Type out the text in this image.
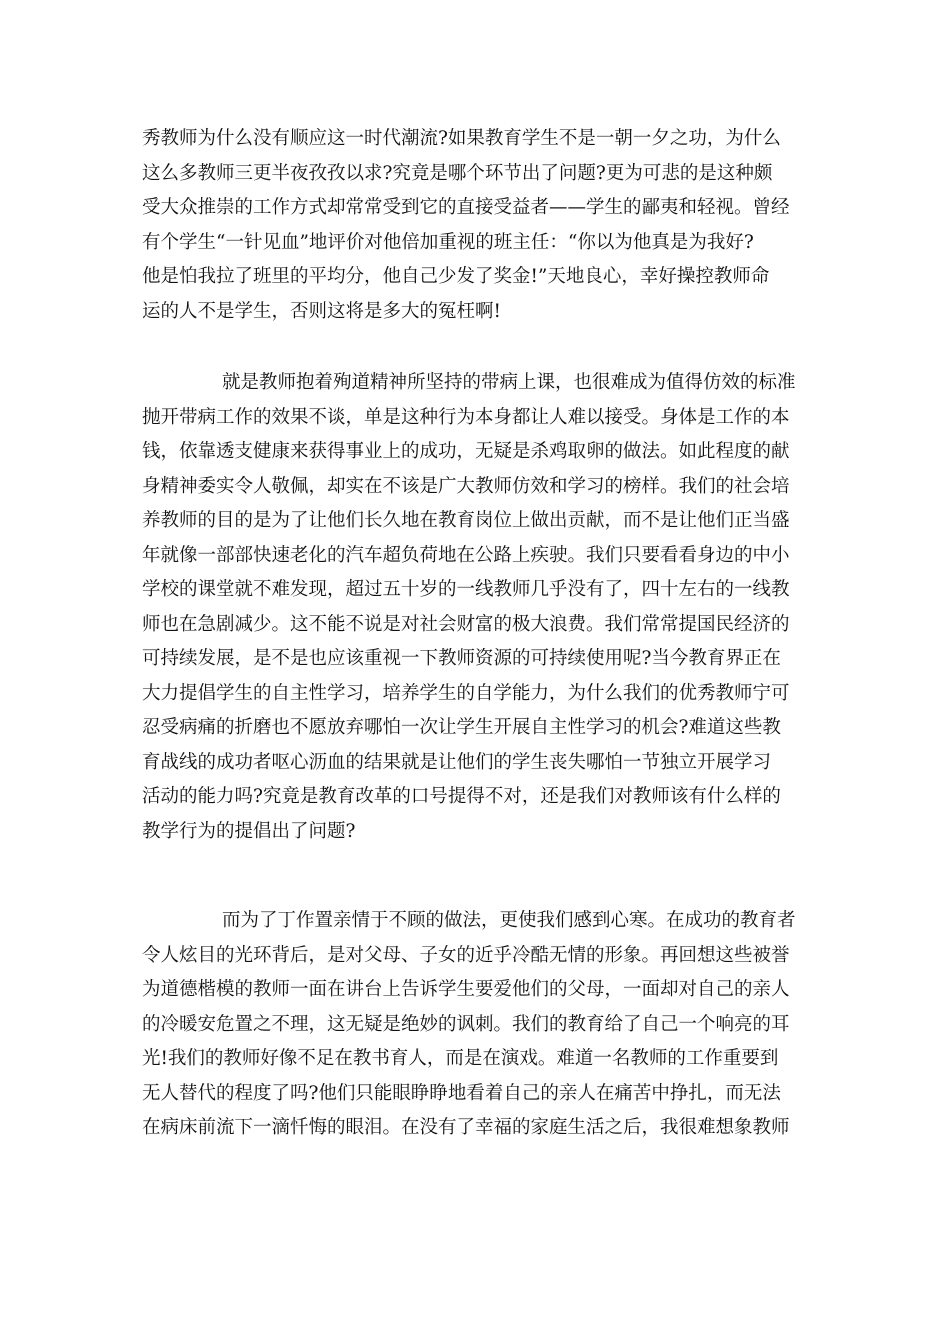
秀教师为什么没有顺应这一时代潮流?如果教育学生不是一朝一夕之功，为什么
这么多教师三更半夜孜孜以求?究竟是哪个环节出了问题?更为可悲的是这种颇
受大众推崇的工作方式却常常受到它的直接受益者——学生的鄙夷和轻视。曾经
有个学生“一针见血”地评价对他倍加重视的班主任：“你以为他真是为我好?
他是怕我拉了班里的平均分，他自己少发了奖金!”天地良心，幸好操控教师命
运的人不是学生，否则这将是多大的冤枉啊!
就是教师抱着殉道精神所坚持的带病上课，也很难成为值得仿效的标准
抛开带病工作的效果不谈，单是这种行为本身都让人难以接受。身体是工作的本
钱，依靠透支健康来获得事业上的成功，无疑是杀鸡取卵的做法。如此程度的献
身精神委实令人敬佩，却实在不该是广大教师仿效和学习的榜样。我们的社会培
养教师的目的是为了让他们长久地在教育岗位上做出贡献，而不是让他们正当盛
年就像一部部快速老化的汽车超负荷地在公路上疾驶。我们只要看看身边的中小
学校的课堂就不难发现，超过五十岁的一线教师几乎没有了，四十左右的一线教
师也在急剧减少。这不能不说是对社会财富的极大浪费。我们常常提国民经济的
可持续发展，是不是也应该重视一下教师资源的可持续使用呢?当今教育界正在
大力提倡学生的自主性学习，培养学生的自学能力，为什么我们的优秀教师宁可
忍受病痛的折磨也不愿放弃哪怕一次让学生开展自主性学习的机会?难道这些教
育战线的成功者呕心沥血的结果就是让他们的学生丧失哪怕一节独立开展学习
活动的能力吗?究竟是教育改革的口号提得不对，还是我们对教师该有什么样的
教学行为的提倡出了问题?
而为了丁作置亲情于不顾的做法，更使我们感到心寒。在成功的教育者
令人炫目的光环背后，是对父母、子女的近乎冷酷无情的形象。再回想这些被誉
为道德楷模的教师一面在讲台上告诉学生要爱他们的父母，一面却对自己的亲人
的冷暖安危置之不理，这无疑是绝妙的讽刺。我们的教育给了自己一个响亮的耳
光!我们的教师好像不足在教书育人，而是在演戏。难道一名教师的工作重要到
无人替代的程度了吗?他们只能眼睁睁地看着自己的亲人在痛苦中挣扎，而无法
在病床前流下一滴忏悔的眼泪。在没有了幸福的家庭生活之后，我很难想象教师
